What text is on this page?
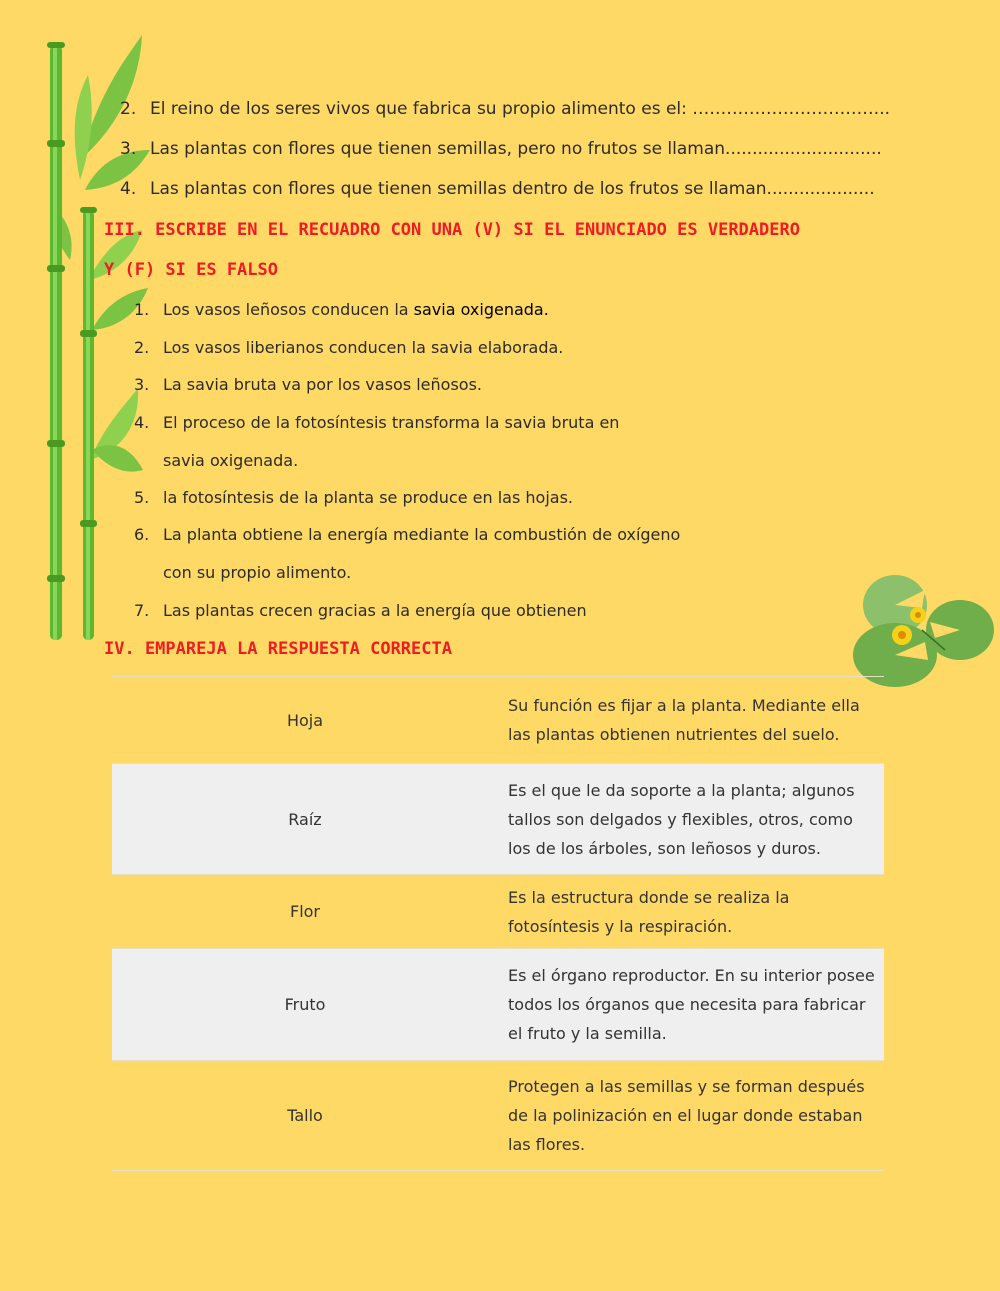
2. El reino de los seres vivos que fabrica su propio alimento es el: ……………………………..
3. Las plantas con flores que tienen semillas, pero no frutos se llaman.............................
4. Las plantas con flores que tienen semillas dentro de los frutos se llaman....................
III. ESCRIBE EN EL RECUADRO CON UNA (V) SI EL ENUNCIADO ES VERDADERO
Y (F) SI ES FALSO
1. Los vasos leñosos conducen la savia oxigenada.
2. Los vasos liberianos conducen la savia elaborada.
3. La savia bruta va por los vasos leñosos.
4. El proceso de la fotosíntesis transforma la savia bruta en
savia oxigenada.
5. la fotosíntesis de la planta se produce en las hojas.
6. La planta obtiene la energía mediante la combustión de oxígeno
con su propio alimento.
7. Las plantas crecen gracias a la energía que obtienen
IV. EMPAREJA LA RESPUESTA CORRECTA
Hoja
Su función es fijar a la planta. Mediante ella las plantas obtienen nutrientes del suelo.
Raíz
Es el que le da soporte a la planta; algunos tallos son delgados y flexibles, otros, como los de los árboles, son leñosos y duros.
Flor
Es la estructura donde se realiza la fotosíntesis y la respiración.
Fruto
Es el órgano reproductor. En su interior posee todos los órganos que necesita para fabricar el fruto y la semilla.
Tallo
Protegen a las semillas y se forman después de la polinización en el lugar donde estaban las flores.
